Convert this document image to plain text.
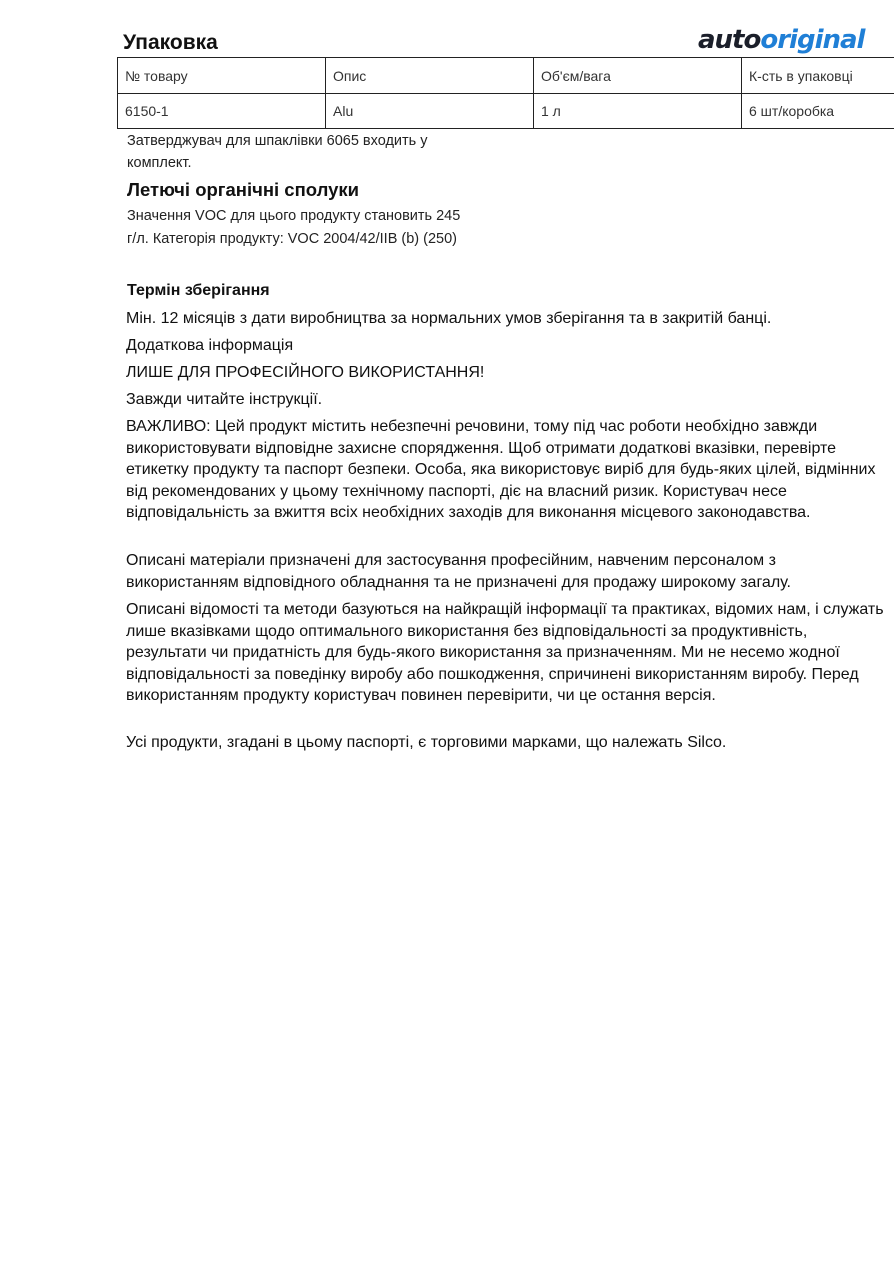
Упаковка	autooriginal
№ товару	Опис	Об'єм/вага	К-сть в упаковці
6150-1	Alu	1 л	6 шт/коробка
Затверджувач для шпаклівки 6065 входить у комплект.
Летючі органічні сполуки
Значення VOC для цього продукту становить 245 г/л. Категорія продукту: VOC 2004/42/IIB (b) (250)
Термін зберігання
Мін. 12 місяців з дати виробництва за нормальних умов зберігання та в закритій банці.
Додаткова інформація
ЛИШЕ ДЛЯ ПРОФЕСІЙНОГО ВИКОРИСТАННЯ!
Завжди читайте інструкції.
ВАЖЛИВО: Цей продукт містить небезпечні речовини, тому під час роботи необхідно завжди використовувати відповідне захисне спорядження. Щоб отримати додаткові вказівки, перевірте етикетку продукту та паспорт безпеки. Особа, яка використовує виріб для будь-яких цілей, відмінних від рекомендованих у цьому технічному паспорті, діє на власний ризик. Користувач несе відповідальність за вжиття всіх необхідних заходів для виконання місцевого законодавства.
Описані матеріали призначені для застосування професійним, навченим персоналом з використанням відповідного обладнання та не призначені для продажу широкому загалу.
Описані відомості та методи базуються на найкращій інформації та практиках, відомих нам, і служать лише вказівками щодо оптимального використання без відповідальності за продуктивність, результати чи придатність для будь-якого використання за призначенням. Ми не несемо жодної відповідальності за поведінку виробу або пошкодження, спричинені використанням виробу. Перед використанням продукту користувач повинен перевірити, чи це остання версія.
Усі продукти, згадані в цьому паспорті, є торговими марками, що належать Silco.
